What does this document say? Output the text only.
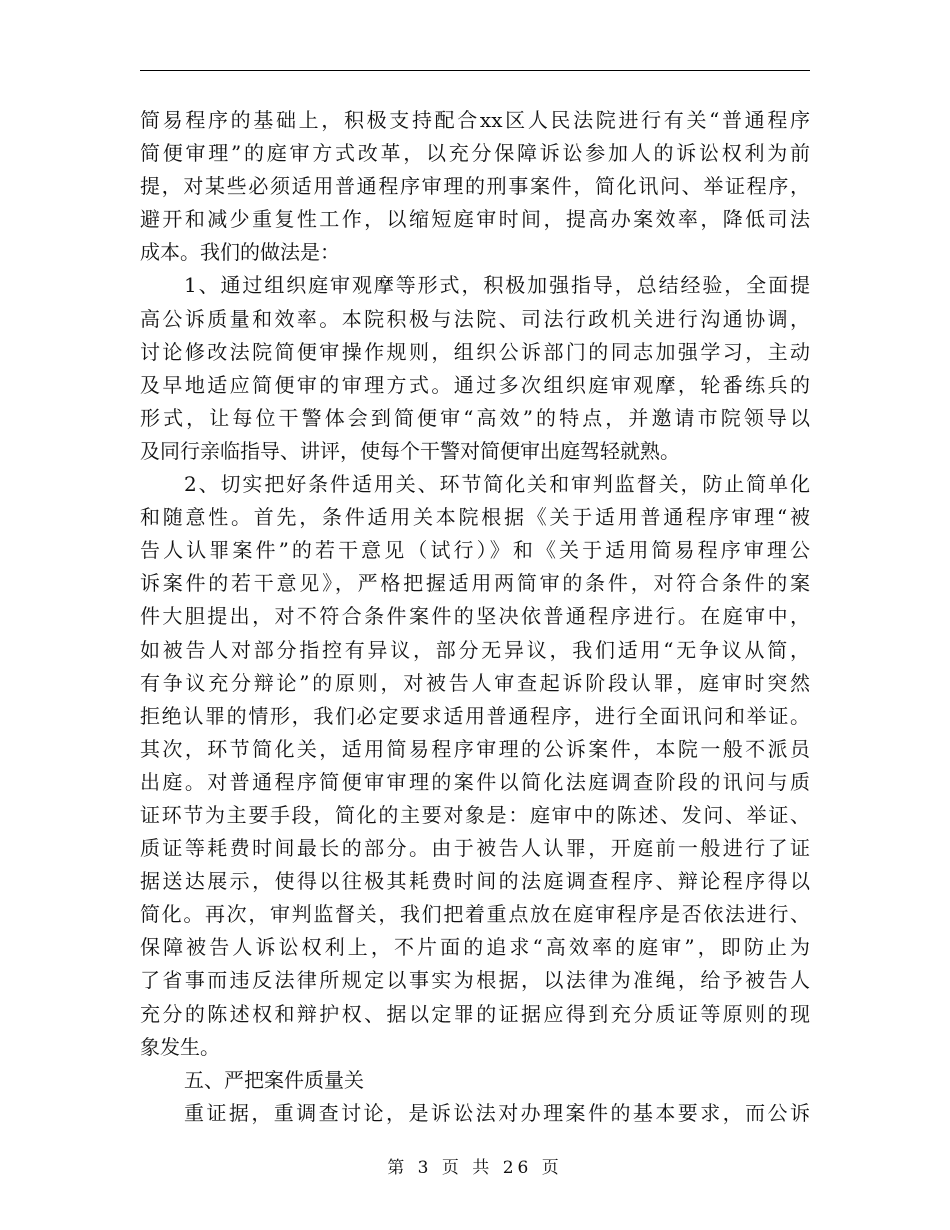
简易程序的基础上，积极支持配合xx区人民法院进行有关“普通程序
简便审理”的庭审方式改革，以充分保障诉讼参加人的诉讼权利为前
提，对某些必须适用普通程序审理的刑事案件，简化讯问、举证程序，
避开和减少重复性工作，以缩短庭审时间，提高办案效率，降低司法
成本。我们的做法是：
1、通过组织庭审观摩等形式，积极加强指导，总结经验，全面提
高公诉质量和效率。本院积极与法院、司法行政机关进行沟通协调，
讨论修改法院简便审操作规则，组织公诉部门的同志加强学习，主动
及早地适应简便审的审理方式。通过多次组织庭审观摩，轮番练兵的
形式，让每位干警体会到简便审“高效”的特点，并邀请市院领导以
及同行亲临指导、讲评，使每个干警对简便审出庭驾轻就熟。
2、切实把好条件适用关、环节简化关和审判监督关，防止简单化
和随意性。首先，条件适用关本院根据《关于适用普通程序审理“被
告人认罪案件”的若干意见（试行）》和《关于适用简易程序审理公
诉案件的若干意见》，严格把握适用两简审的条件，对符合条件的案
件大胆提出，对不符合条件案件的坚决依普通程序进行。在庭审中，
如被告人对部分指控有异议，部分无异议，我们适用“无争议从简，
有争议充分辩论”的原则，对被告人审查起诉阶段认罪，庭审时突然
拒绝认罪的情形，我们必定要求适用普通程序，进行全面讯问和举证。
其次，环节简化关，适用简易程序审理的公诉案件，本院一般不派员
出庭。对普通程序简便审审理的案件以简化法庭调查阶段的讯问与质
证环节为主要手段，简化的主要对象是：庭审中的陈述、发问、举证、
质证等耗费时间最长的部分。由于被告人认罪，开庭前一般进行了证
据送达展示，使得以往极其耗费时间的法庭调查程序、辩论程序得以
简化。再次，审判监督关，我们把着重点放在庭审程序是否依法进行、
保障被告人诉讼权利上，不片面的追求“高效率的庭审”，即防止为
了省事而违反法律所规定以事实为根据，以法律为准绳，给予被告人
充分的陈述权和辩护权、据以定罪的证据应得到充分质证等原则的现
象发生。
五、严把案件质量关
重证据，重调查讨论，是诉讼法对办理案件的基本要求，而公诉
第 3 页 共 26 页
